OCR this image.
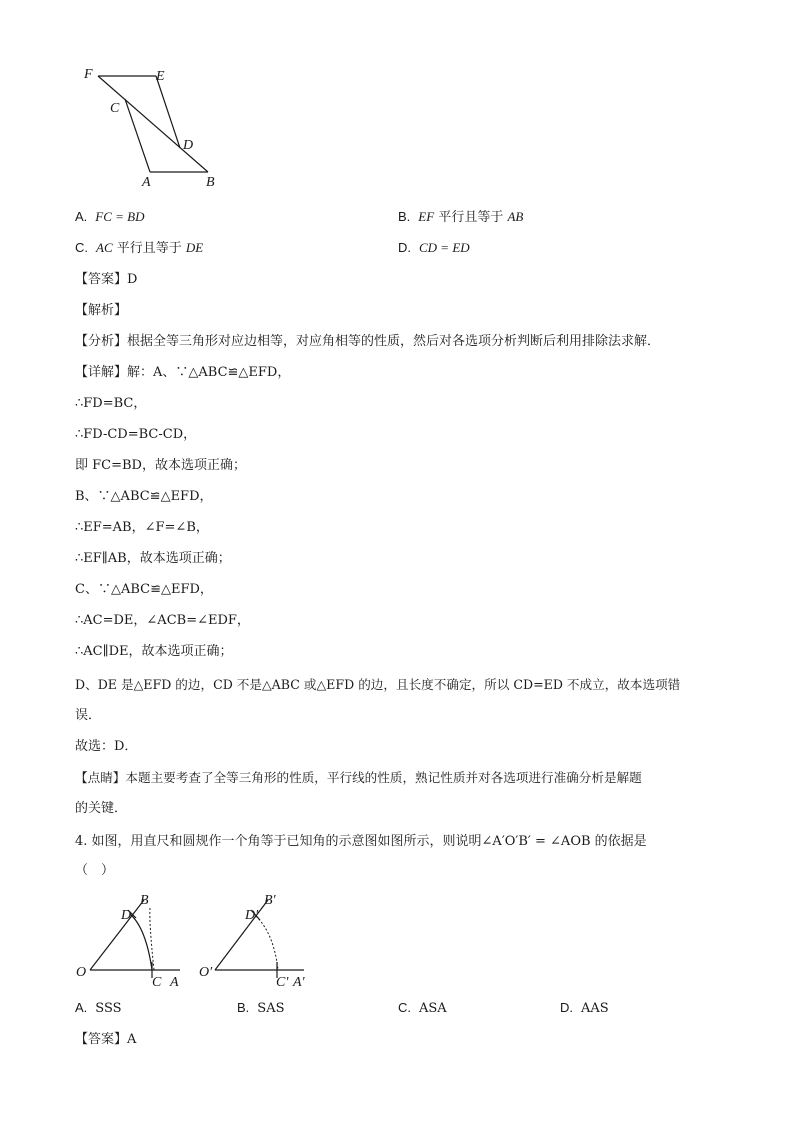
F	E
C
D
A	B
A. FC = BD	B. EF 平行且等于 AB
C. AC 平行且等于 DE	D. CD = ED
【答案】D
【解析】
【分析】根据全等三角形对应边相等，对应角相等的性质，然后对各选项分析判断后利用排除法求解．
【详解】解：A、∵△ABC≌△EFD，
∴FD=BC，
∴FD-CD=BC-CD，
即 FC=BD，故本选项正确；
B、∵△ABC≌△EFD，
∴EF=AB，∠F=∠B，
∴EF∥AB，故本选项正确；
C、∵△ABC≌△EFD，
∴AC=DE，∠ACB=∠EDF，
∴AC∥DE，故本选项正确；
D、DE 是△EFD 的边，CD 不是△ABC 或△EFD 的边，且长度不确定，所以 CD=ED 不成立，故本选项错
误．
故选：D．
【点睛】本题主要考查了全等三角形的性质，平行线的性质，熟记性质并对各选项进行准确分析是解题
的关键．
4. 如图，用直尺和圆规作一个角等于已知角的示意图如图所示，则说明∠A′O′B′ = ∠AOB 的依据是
（　）
O
D
B
C A
O′
D′
B′
C′ A′
A. SSS	B. SAS	C. ASA	D. AAS
【答案】A
